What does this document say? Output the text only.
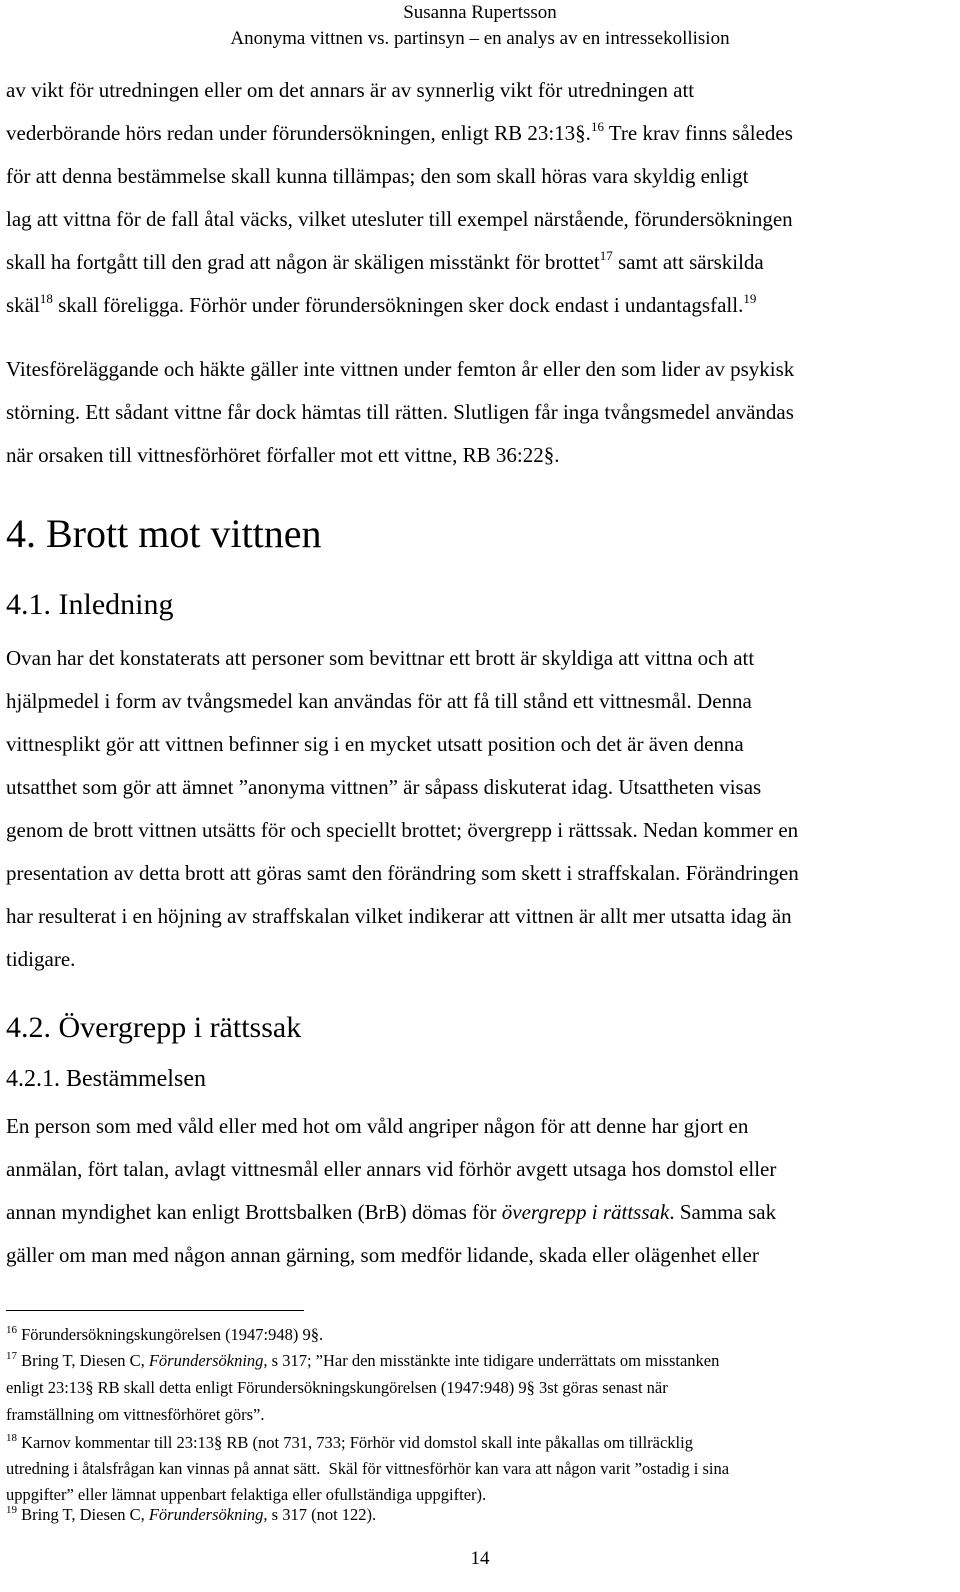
Susanna Rupertsson
Anonyma vittnen vs. partinsyn – en analys av en intressekollision
av vikt för utredningen eller om det annars är av synnerlig vikt för utredningen att
vederbörande hörs redan under förundersökningen, enligt RB 23:13§.$^{16}$ Tre krav finns således
för att denna bestämmelse skall kunna tillämpas; den som skall höras vara skyldig enligt
lag att vittna för de fall åtal väcks, vilket utesluter till exempel närstående, förundersökningen
skall ha fortgått till den grad att någon är skäligen misstänkt för brottet$^{17}$ samt att särskilda
skäl$^{18}$ skall föreligga. Förhör under förundersökningen sker dock endast i undantagsfall.$^{19}$
Vitesföreläggande och häkte gäller inte vittnen under femton år eller den som lider av psykisk
störning. Ett sådant vittne får dock hämtas till rätten. Slutligen får inga tvångsmedel användas
när orsaken till vittnesförhöret förfaller mot ett vittne, RB 36:22§.
4. Brott mot vittnen
4.1. Inledning
Ovan har det konstaterats att personer som bevittnar ett brott är skyldiga att vittna och att
hjälpmedel i form av tvångsmedel kan användas för att få till stånd ett vittnesmål. Denna
vittnesplikt gör att vittnen befinner sig i en mycket utsatt position och det är även denna
utsatthet som gör att ämnet ”anonyma vittnen” är såpass diskuterat idag. Utsattheten visas
genom de brott vittnen utsätts för och speciellt brottet; övergrepp i rättssak. Nedan kommer en
presentation av detta brott att göras samt den förändring som skett i straffskalan. Förändringen
har resulterat i en höjning av straffskalan vilket indikerar att vittnen är allt mer utsatta idag än
tidigare.
4.2. Övergrepp i rättssak
4.2.1. Bestämmelsen
En person som med våld eller med hot om våld angriper någon för att denne har gjort en
anmälan, fört talan, avlagt vittnesmål eller annars vid förhör avgett utsaga hos domstol eller
annan myndighet kan enligt Brottsbalken (BrB) dömas för övergrepp i rättssak. Samma sak
gäller om man med någon annan gärning, som medför lidande, skada eller olägenhet eller
$^{16}$ Förundersökningskungörelsen (1947:948) 9§.
$^{17}$ Bring T, Diesen C, Förundersökning, s 317; ”Har den misstänkte inte tidigare underrättats om misstanken
enligt 23:13§ RB skall detta enligt Förundersökningskungörelsen (1947:948) 9§ 3st göras senast när
framställning om vittnesförhöret görs”.
$^{18}$ Karnov kommentar till 23:13§ RB (not 731, 733; Förhör vid domstol skall inte påkallas om tillräcklig
utredning i åtalsfrågan kan vinnas på annat sätt.  Skäl för vittnesförhör kan vara att någon varit ”ostadig i sina
uppgifter” eller lämnat uppenbart felaktiga eller ofullständiga uppgifter).
$^{19}$ Bring T, Diesen C, Förundersökning, s 317 (not 122).
14
